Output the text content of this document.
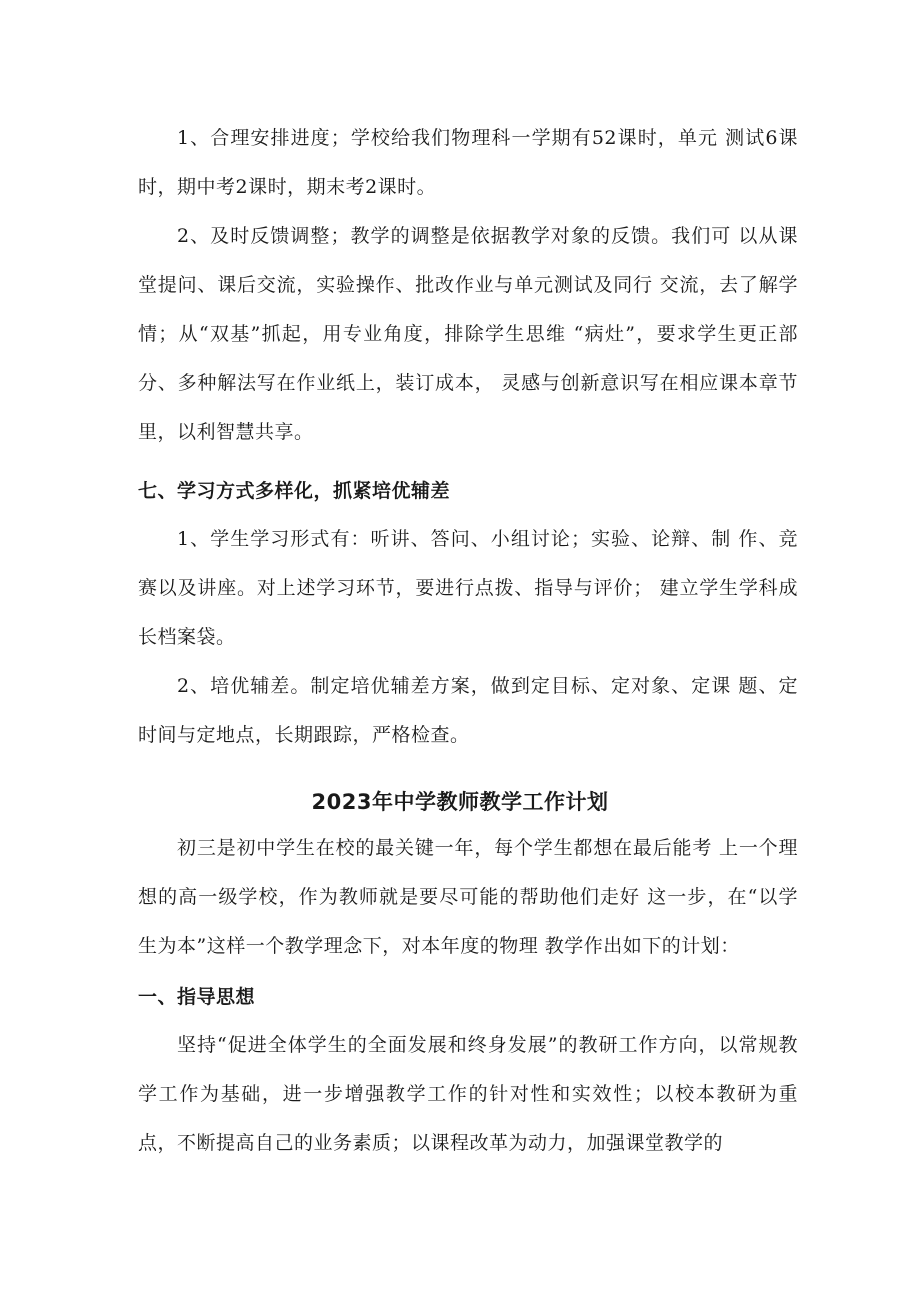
1、合理安排进度；学校给我们物理科一学期有52课时，单元 测试6课时，期中考2课时，期末考2课时。

2、及时反馈调整；教学的调整是依据教学对象的反馈。我们可 以从课堂提问、课后交流，实验操作、批改作业与单元测试及同行 交流，去了解学情；从“双基”抓起，用专业角度，排除学生思维 “病灶”，要求学生更正部分、多种解法写在作业纸上，装订成本， 灵感与创新意识写在相应课本章节里，以利智慧共享。

七、学习方式多样化，抓紧培优辅差

1、学生学习形式有：听讲、答问、小组讨论；实验、论辩、制 作、竞赛以及讲座。对上述学习环节，要进行点拨、指导与评价； 建立学生学科成长档案袋。

2、培优辅差。制定培优辅差方案，做到定目标、定对象、定课 题、定时间与定地点，长期跟踪，严格检查。

2023年中学教师教学工作计划

初三是初中学生在校的最关键一年，每个学生都想在最后能考 上一个理想的高一级学校，作为教师就是要尽可能的帮助他们走好 这一步，在“以学生为本”这样一个教学理念下，对本年度的物理 教学作出如下的计划：

一、指导思想

坚持“促进全体学生的全面发展和终身发展”的教研工作方向，以常规教学工作为基础，进一步增强教学工作的针对性和实效性；以校本教研为重点，不断提高自己的业务素质；以课程改革为动力，加强课堂教学的
